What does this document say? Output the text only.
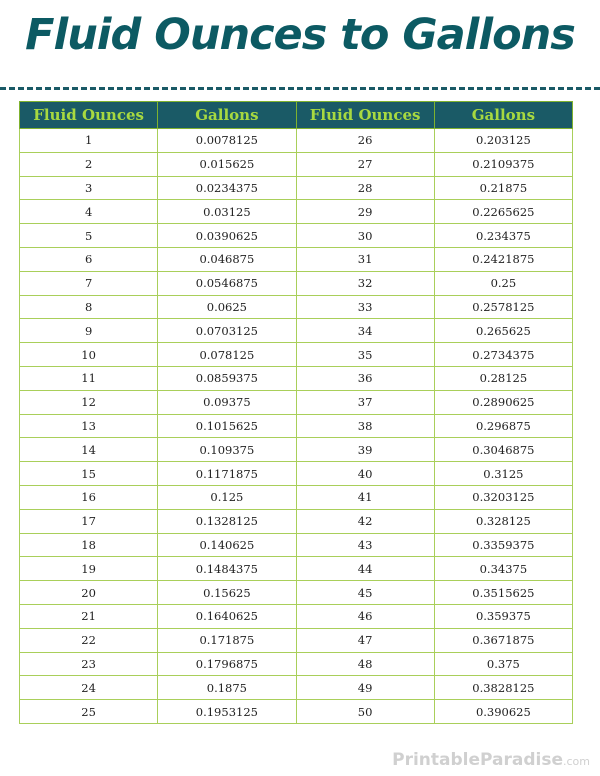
Fluid Ounces to Gallons
Fluid Ounces	Gallons	Fluid Ounces	Gallons
1	0.0078125	26	0.203125
2	0.015625	27	0.2109375
3	0.0234375	28	0.21875
4	0.03125	29	0.2265625
5	0.0390625	30	0.234375
6	0.046875	31	0.2421875
7	0.0546875	32	0.25
8	0.0625	33	0.2578125
9	0.0703125	34	0.265625
10	0.078125	35	0.2734375
11	0.0859375	36	0.28125
12	0.09375	37	0.2890625
13	0.1015625	38	0.296875
14	0.109375	39	0.3046875
15	0.1171875	40	0.3125
16	0.125	41	0.3203125
17	0.1328125	42	0.328125
18	0.140625	43	0.3359375
19	0.1484375	44	0.34375
20	0.15625	45	0.3515625
21	0.1640625	46	0.359375
22	0.171875	47	0.3671875
23	0.1796875	48	0.375
24	0.1875	49	0.3828125
25	0.1953125	50	0.390625
PrintableParadise.com
